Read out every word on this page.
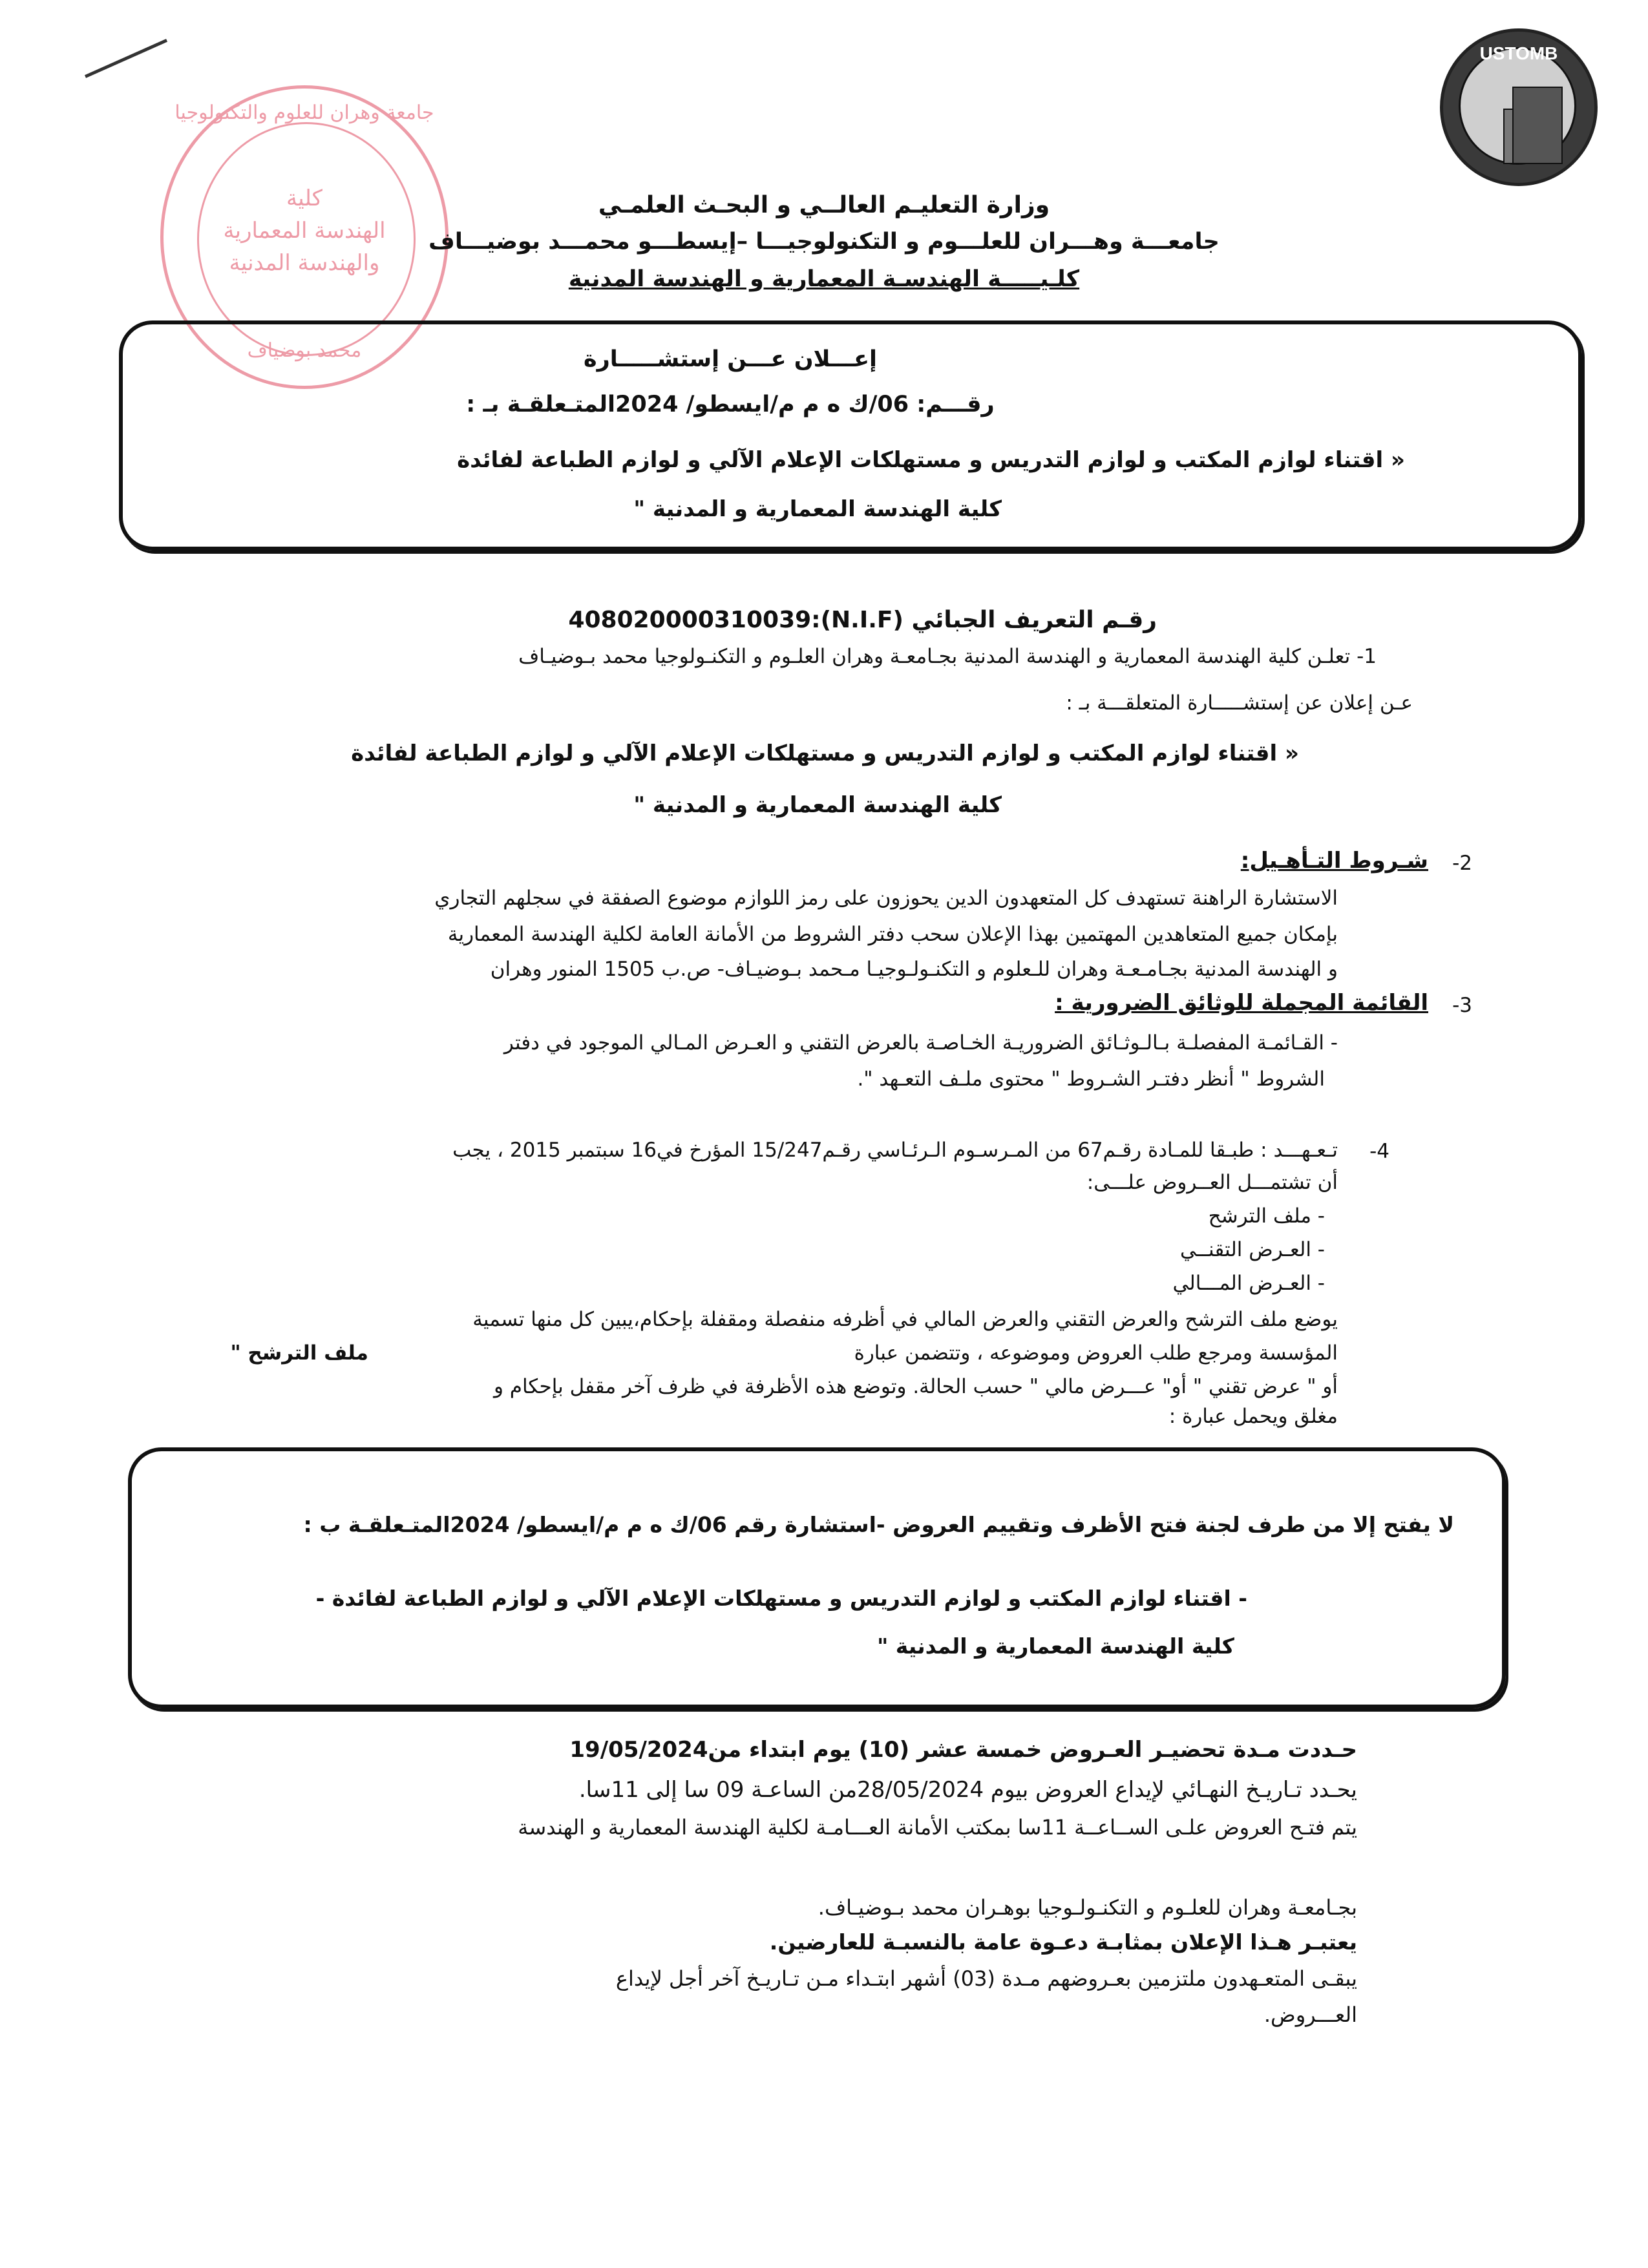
جامعة وهران للعلوم والتكنولوجيا
كلية
الهندسة المعمارية
والهندسة المدنية
محمد بوضياف
USTOMB
وزارة التعليـم العالــي و البحـث العلمـي
جامعـــة وهـــران للعلـــوم و التكنولوجيـــا –إيسطـــو محمـــد بوضيـــاف
كلـيـــــة الهندسـة المعمارية و الهندسة المدنية
إعـــلان عـــن إستشـــــارة
رقـــم: 06/ك ه م م/ايسطو/ 2024المتـعلقـة بـ :
« اقتناء لوازم المكتب و لوازم التدريس و مستهلكات الإعلام الآلي و لوازم الطباعة لفائدة
كلية الهندسة المعمارية و المدنية "
رقـم التعريف الجبائي (N.I.F):408020000310039
1- تعلـن كلية الهندسة المعمارية و الهندسة المدنية بجـامعـة وهران العلـوم و التكنـولوجيا محمد بـوضيـاف
عـن إعلان عن إستشـــــارة المتعلقـــة بـ :
« اقتناء لوازم المكتب و لوازم التدريس و مستهلكات الإعلام الآلي و لوازم الطباعة لفائدة
كلية الهندسة المعمارية و المدنية "
2-
شـروط التـأهـيل:
الاستشارة الراهنة تستهدف كل المتعهدون الدين يحوزون على رمز اللوازم موضوع الصفقة في سجلهم التجاري
بإمكان جميع المتعاهدين المهتمين بهذا الإعلان سحب دفتر الشروط من الأمانة العامة لكلية الهندسة المعمارية
و الهندسة المدنية بجـامـعـة وهران للـعلوم و التكنـولـوجيـا مـحمد بـوضيـاف- ص.ب 1505 المنور وهران
3-
القائمة المجملة للوثائق الضرورية :
- القـائمـة المفصلـة بـالـوثـائق الضروريـة الخـاصـة بالعرض التقني و العـرض المـالي الموجود في دفتر
الشروط " أنظر دفتـر الشـروط " محتوى ملـف التعـهد ".
4-
تـعـهـــد : طبـقا للمـادة رقـم67 من المـرسـوم الـرئـاسي رقـم15/247 المؤرخ في16 سبتمبر 2015 ، يجب
أن تشتمـــل العــروض علـــى:
- ملف الترشح
- العـرض التقنــي
- العـرض المـــالي
يوضع ملف الترشح والعرض التقني والعرض المالي في أظرفه منفصلة ومقفلة بإحكام،يبين كل منها تسمية
المؤسسة ومرجع طلب العروض وموضوعه ، وتتضمن عبارة
ملف الترشح "
أو " عرض تقني " أو" عـــرض مالي " حسب الحالة. وتوضع هذه الأظرفة في ظرف آخر مقفل بإحكام و
مغلق ويحمل عبارة :
لا يفتح إلا من طرف لجنة فتح الأظرف وتقييم العروض -استشارة رقم 06/ك ه م م/ايسطو/ 2024المتـعلقـة ب :
- اقتناء لوازم المكتب و لوازم التدريس و مستهلكات الإعلام الآلي و لوازم الطباعة لفائدة -
كلية الهندسة المعمارية و المدنية "
حـددت مـدة تحضيـر العـروض خمسة عشر (10) يوم ابتداء من19/05/2024
يحـدد تـاريـخ النهـائي لإيداع العروض بيوم 28/05/2024من الساعـة 09 سا إلى 11سا.
يتم فتـح العروض علـى الســاعــة 11سا بمكتب الأمانة العـــامـة لكلية الهندسة المعمارية و الهندسة
بجـامعـة وهران للعلـوم و التكنـولـوجيا بوهـران محمد بـوضيـاف.
يعتبـر هـذا الإعلان بمثابـة دعـوة عامة بالنسبـة للعارضين.
يبقـى المتعـهدون ملتزمين بعـروضهم مـدة (03) أشهر ابتـداء مـن تـاريـخ آخر أجل لإيداع
العـــروض.
